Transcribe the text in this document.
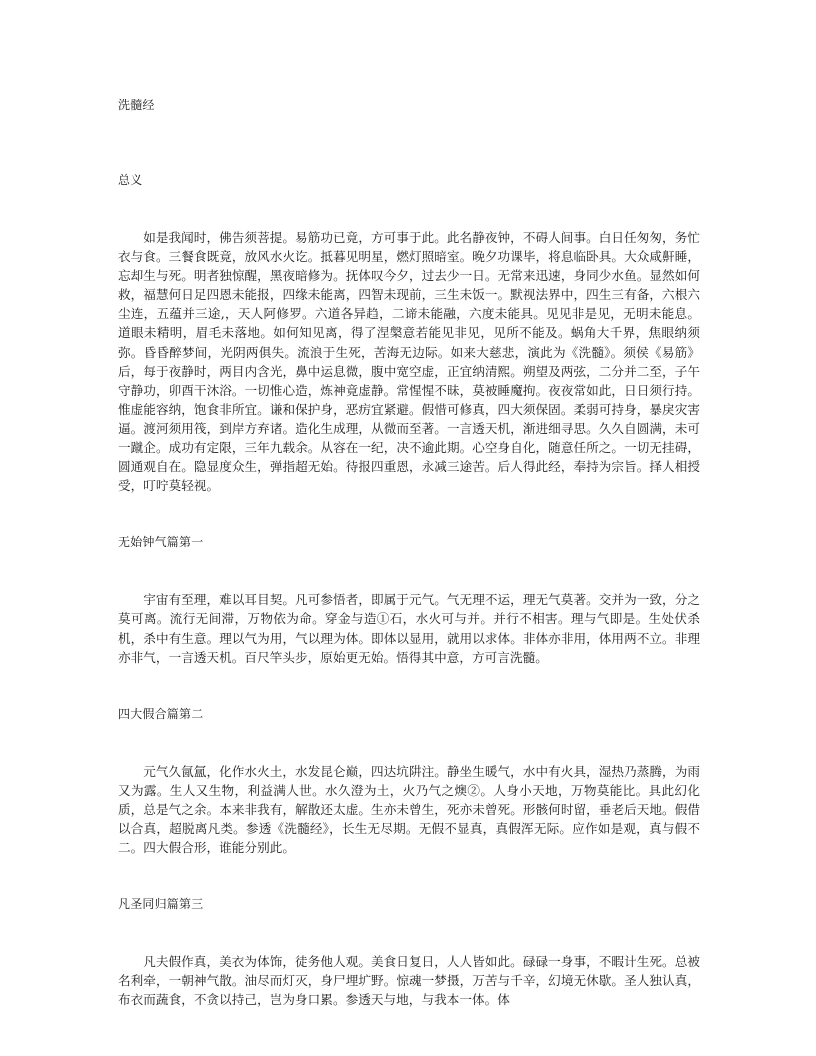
洗髓经

总义

如是我闻时，佛告须菩提。易筋功已竟，方可事于此。此名静夜钟，不碍人间事。白日任匆匆，务忙衣与食。三餐食既竟，放风水火讫。抵暮见明星，燃灯照暗室。晚夕功课毕，将息临卧具。大众咸鼾睡，忘却生与死。明者独惊醒，黑夜暗修为。抚体叹今夕，过去少一日。无常来迅速，身同少水鱼。显然如何救，福慧何日足四恩未能报，四缘未能离，四智未现前，三生未饭一。默视法界中，四生三有备，六根六尘连，五蕴并三途,，天人阿修罗。六道各异趋，二谛未能融，六度未能具。见见非是见，无明未能息。道眼未精明，眉毛未落地。如何知见离，得了涅槃意若能见非见，见所不能及。蜗角大千界，焦眼纳须弥。昏昏醉梦间，光阴两俱失。流浪于生死，苦海无边际。如来大慈悲，演此为《洗髓》。须侯《易筋》后，每于夜静时，两目内含光，鼻中运息微，腹中宽空虚，正宜纳清熙。朔望及两弦，二分并二至，子午守静功，卯酉干沐浴。一切惟心造，炼神竟虚静。常惺惺不昧，莫被睡魔拘。夜夜常如此，日日须行持。惟虚能容纳，饱食非所宜。谦和保护身，恶疠宜紧避。假惜可修真，四大须保固。柔弱可持身，暴戾灾害逼。渡河须用筏，到岸方弃诸。造化生成理，从微而至著。一言透天机，渐进细寻思。久久自圆满，未可一蹴企。成功有定限，三年九载余。从容在一纪，决不逾此期。心空身自化，随意任所之。一切无挂碍，圆通观自在。隐显度众生，弹指超无始。待报四重恩，永减三途苦。后人得此经，奉持为宗旨。择人相授受，叮咛莫轻视。

无始钟气篇第一

宇宙有至理，难以耳目契。凡可参悟者，即属于元气。气无理不运，理无气莫著。交并为一致，分之莫可离。流行无间滞，万物依为命。穿金与造①石，水火可与并。并行不相害。理与气即是。生处伏杀机，杀中有生意。理以气为用，气以理为体。即体以显用，就用以求体。非体亦非用，体用两不立。非理亦非气，一言透天机。百尺竿头步，原始更无始。悟得其中意，方可言洗髓。

四大假合篇第二

元气久氤氲，化作水火土，水发昆仑巅，四达坑阱注。静坐生暖气，水中有火具，湿热乃蒸腾，为雨又为露。生人又生物，利益满人世。水久澄为土，火乃气之燠②。人身小天地，万物莫能比。具此幻化质，总是气之余。本来非我有，解散还太虚。生亦未曾生，死亦未曾死。形骸何时留，垂老后天地。假借以合真，超脱离凡类。参透《洗髓经》，长生无尽期。无假不显真，真假浑无际。应作如是观，真与假不二。四大假合形，谁能分别此。

凡圣同归篇第三

凡夫假作真，美衣为体饰，徒务他人观。美食日复日，人人皆如此。碌碌一身事，不暇计生死。总被名利牵，一朝神气散。油尽而灯灭，身尸埋圹野。惊魂一梦摄，万苦与千辛，幻境无休歇。圣人独认真，布衣而蔬食，不贪以持己，岂为身口累。参透天与地，与我本一体。体
